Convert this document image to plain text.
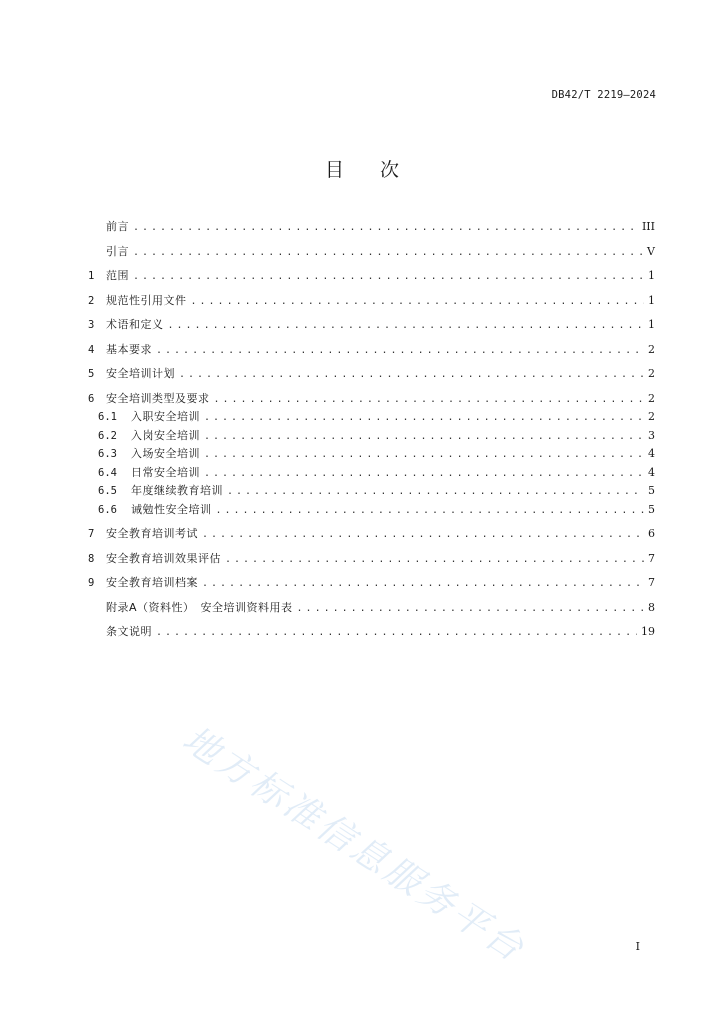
DB42/T 2219—2024
目次
前言 .....	III
引言 .....	V
1	范围 .....	1
2	规范性引用文件 .....	1
3	术语和定义 .....	1
4	基本要求 .....	2
5	安全培训计划 .....	2
6	安全培训类型及要求 .....	2
6.1	入职安全培训 .....	2
6.2	入岗安全培训 .....	3
6.3	入场安全培训 .....	4
6.4	日常安全培训 .....	4
6.5	年度继续教育培训 .....	5
6.6	诫勉性安全培训 .....	5
7	安全教育培训考试 .....	6
8	安全教育培训效果评估 .....	7
9	安全教育培训档案 .....	7
附录A（资料性）　安全培训资料用表 .....	8
条文说明 .....	19
地方标准信息服务平台	I
